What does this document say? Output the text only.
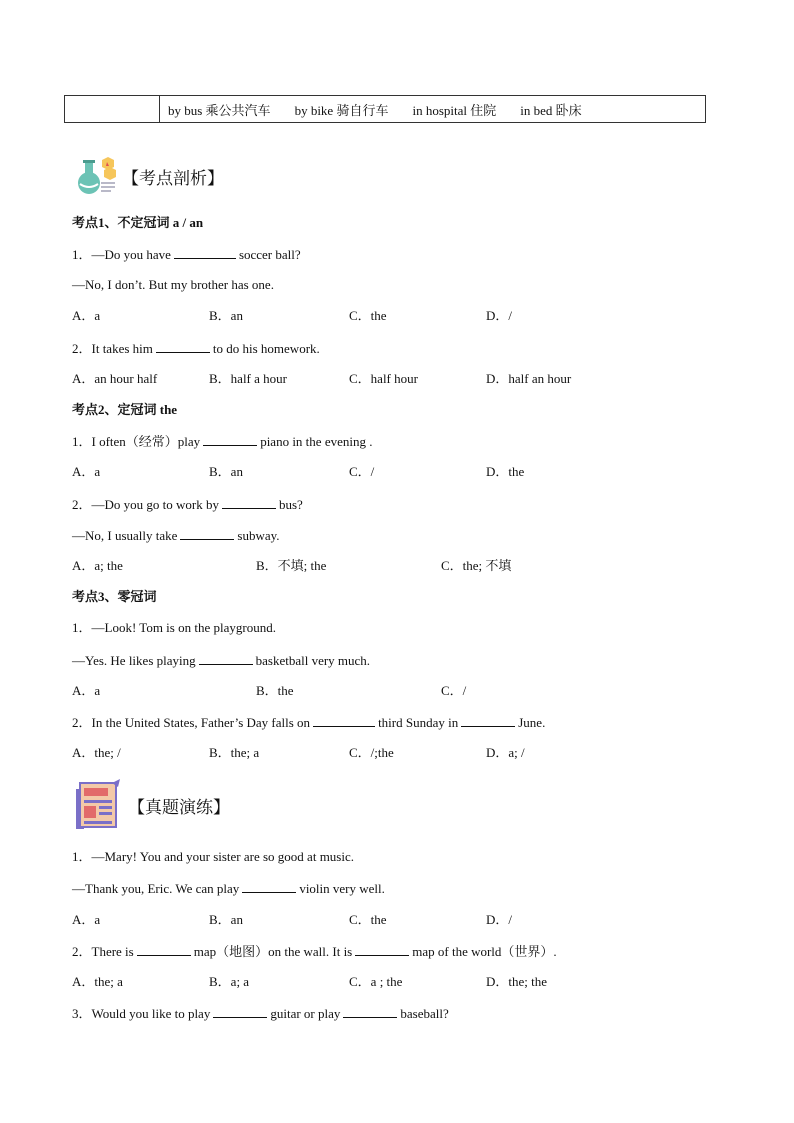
by bus 乘公共汽车 by bike 骑自行车 in hospital 住院 in bed 卧床
【考点剖析】
考点1、不定冠词 a / an
1．—Do you have	soccer ball?
—No, I don’t. But my brother has one.
A．a	B．an	C．the	D．/
2．It takes him	to do his homework.
A．an hour half	B．half a hour	C．half hour	D．half an hour
考点2、定冠词 the
1．I often（经常）play	piano in the evening .
A．a	B．an	C．/	D．the
2．—Do you go to work by	bus?
—No, I usually take	subway.
A．a; the	B．不填; the	C．the; 不填
考点3、零冠词
1．—Look! Tom is on the playground.
—Yes. He likes playing	basketball very much.
A．a	B．the	C．/
2．In the United States, Father’s Day falls on	third Sunday in	June.
A．the; /	B．the; a	C．/;the	D．a; /
【真题演练】
1．—Mary! You and your sister are so good at music.
—Thank you, Eric. We can play	violin very well.
A．a	B．an	C．the	D．/
2．There is	map（地图）on the wall. It is	map of the world（世界）.
A．the; a	B．a; a	C．a ; the	D．the; the
3．Would you like to play	guitar or play	baseball?
